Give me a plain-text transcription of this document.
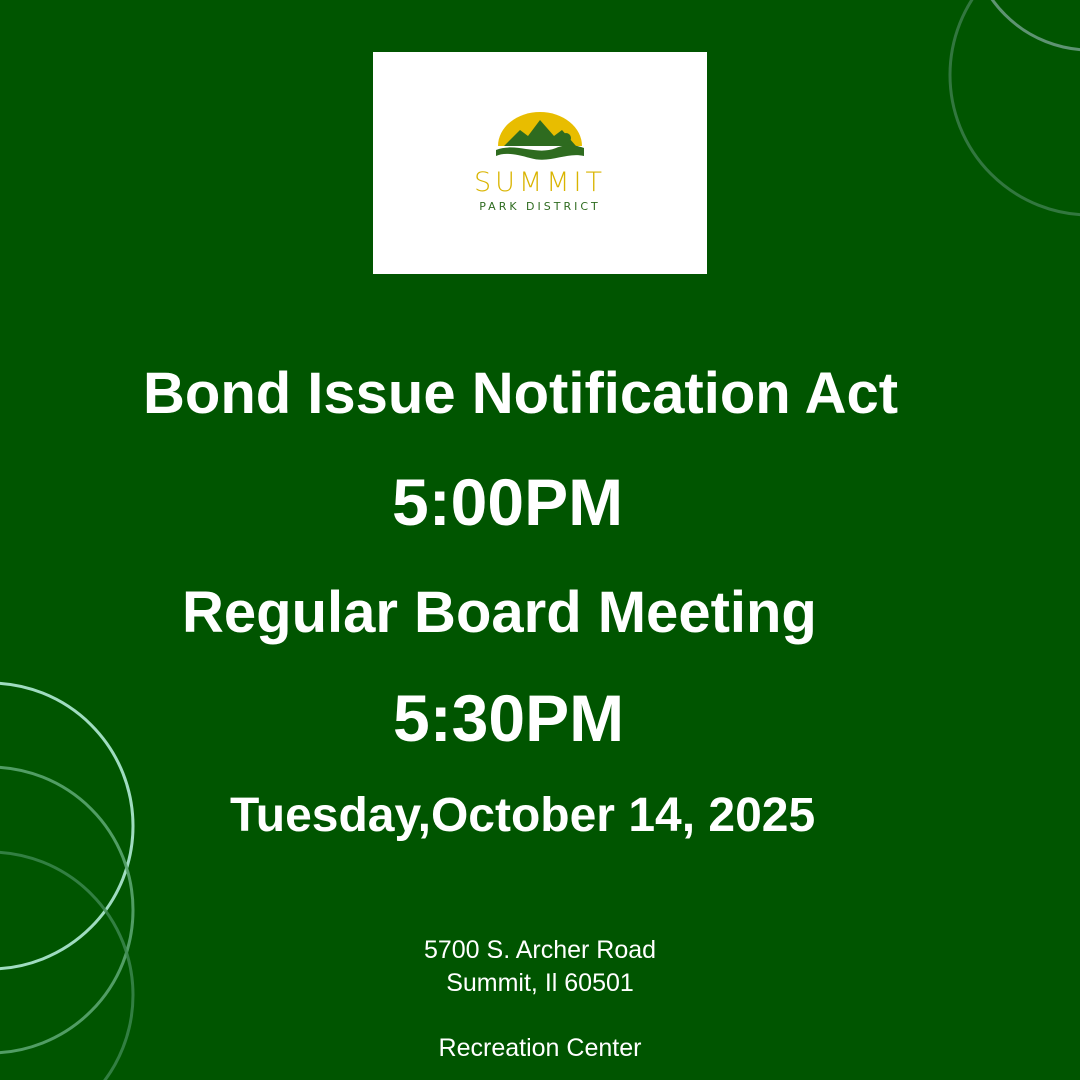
SUMMIT
PARK DISTRICT
Bond Issue Notification Act
5:00PM
Regular Board Meeting
5:30PM
Tuesday,October 14, 2025
5700 S. Archer Road
Summit, Il 60501
Recreation Center
